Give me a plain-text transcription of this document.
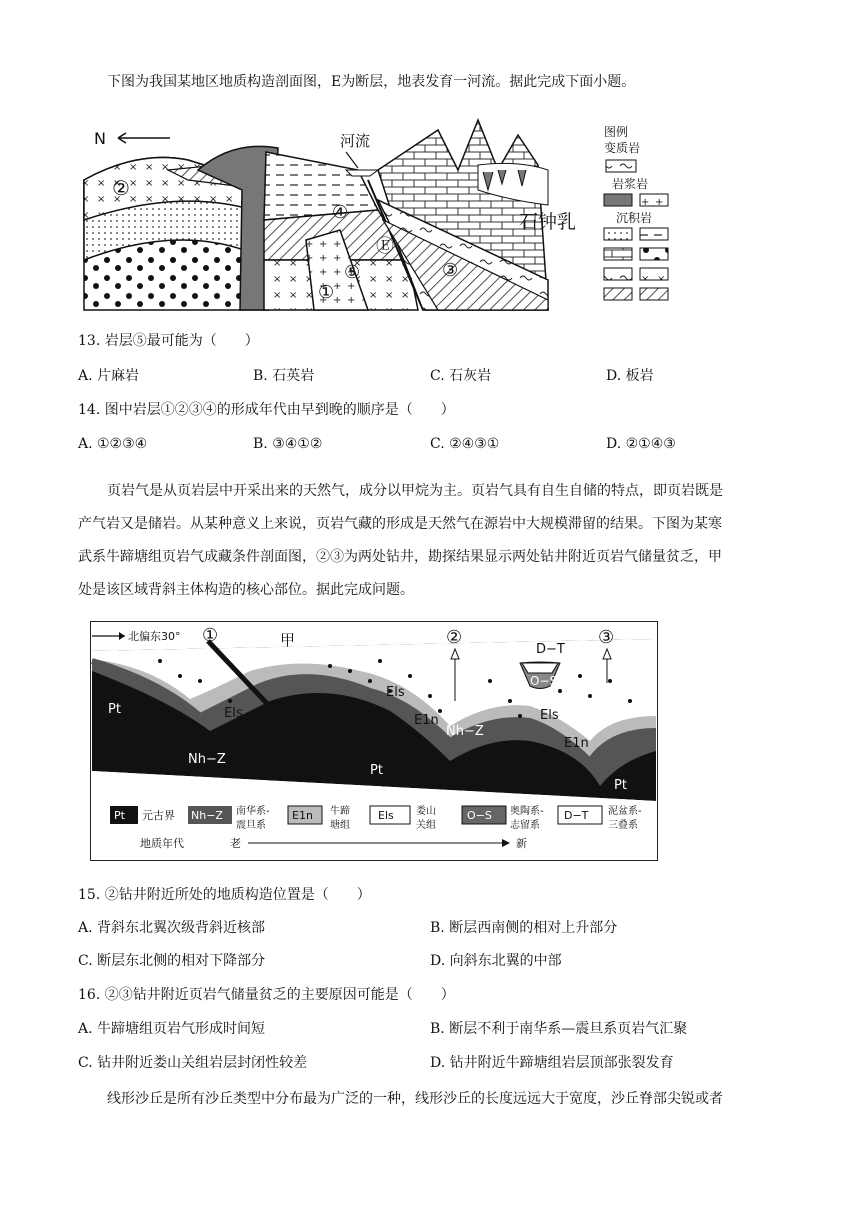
下图为我国某地区地质构造剖面图，E为断层，地表发育一河流。据此完成下面小题。
N	河流
石钟乳
②
④
Ⓔ
⑤
①
③
图例
变质岩
岩浆岩
沉积岩
13. 岩层⑤最可能为（　　）
A. 片麻岩	B. 石英岩	C. 石灰岩	D. 板岩
14. 图中岩层①②③④的形成年代由早到晚的顺序是（　　）
A. ①②③④	B. ③④①②	C. ②④③①	D. ②①④③
页岩气是从页岩层中开采出来的天然气，成分以甲烷为主。页岩气具有自生自储的特点，即页岩既是
产气岩又是储岩。从某种意义上来说，页岩气藏的形成是天然气在源岩中大规模滞留的结果。下图为某寒
武系牛蹄塘组页岩气成藏条件剖面图，②③为两处钻井，勘探结果显示两处钻井附近页岩气储量贫乏，甲
处是该区域背斜主体构造的核心部位。据此完成问题。
北偏东30° ①	②	③
甲
D−T
O−S
Els
Els
Els
E1n
E1n
E1n
Nh−Z
Nh−Z
Pt
Pt
Pt
Pt 元古界 Nh−Z 南华系-
震旦系
E1n 牛蹄
塘组
Els 娄山
关组
O−S 奥陶系-
志留系
D−T 泥盆系-
三叠系
地质年代	老	新
15. ②钻井附近所处的地质构造位置是（　　）
A. 背斜东北翼次级背斜近核部	B. 断层西南侧的相对上升部分
C. 断层东北侧的相对下降部分	D. 向斜东北翼的中部
16. ②③钻井附近页岩气储量贫乏的主要原因可能是（　　）
A. 牛蹄塘组页岩气形成时间短	B. 断层不利于南华系—震旦系页岩气汇聚
C. 钻井附近娄山关组岩层封闭性较差	D. 钻井附近牛蹄塘组岩层顶部张裂发育
线形沙丘是所有沙丘类型中分布最为广泛的一种，线形沙丘的长度远远大于宽度，沙丘脊部尖锐或者
